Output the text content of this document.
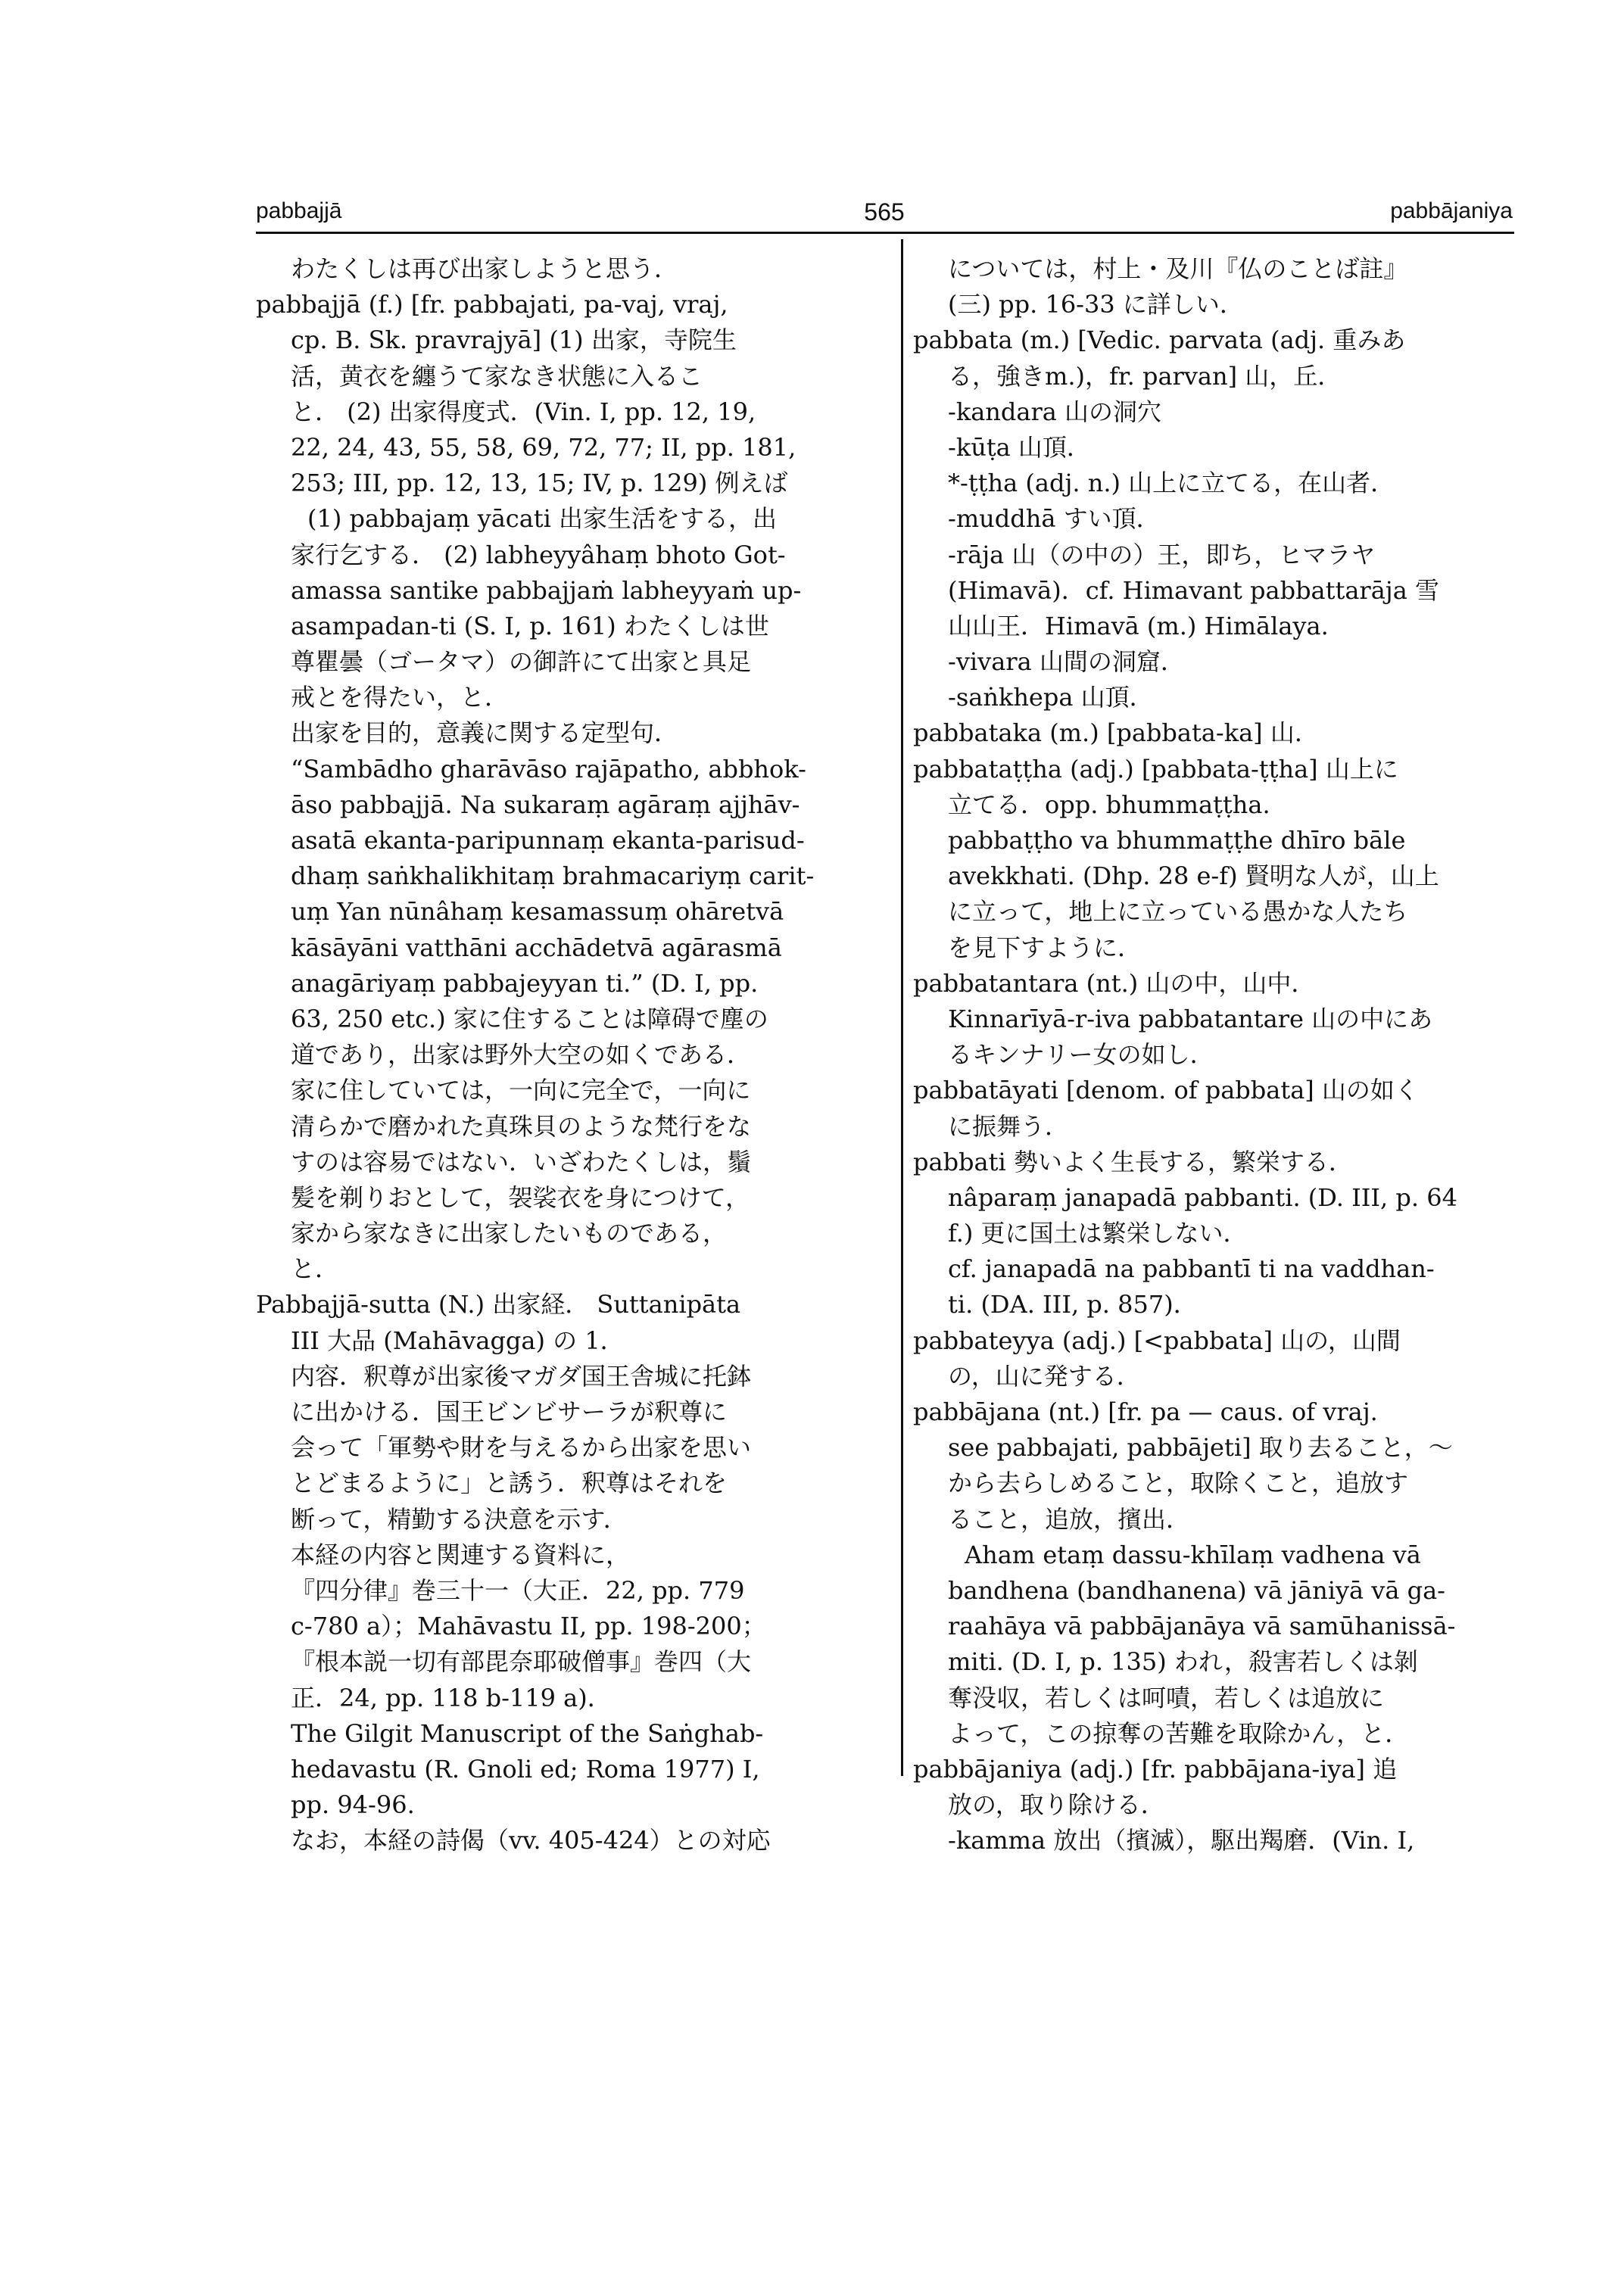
pabbajjā	565	pabbājaniya
わたくしは再び出家しようと思う．
pabbajjā (f.) [fr. pabbajati, pa-vaj, vraj,
cp. B. Sk. pravrajyā] (1) 出家，寺院生
活，黄衣を纏うて家なき状態に入るこ
と． (2) 出家得度式．(Vin. I, pp. 12, 19,
22, 24, 43, 55, 58, 69, 72, 77; II, pp. 181,
253; III, pp. 12, 13, 15; IV, p. 129) 例えば
(1) pabbajaṃ yācati 出家生活をする，出
家行乞する． (2) labheyyâhaṃ bhoto Got-
amassa santike pabbajjaṁ labheyyaṁ up-
asampadan-ti (S. I, p. 161) わたくしは世
尊瞿曇（ゴータマ）の御許にて出家と具足
戒とを得たい，と．
出家を目的，意義に関する定型句．
“Sambādho gharāvāso rajāpatho, abbhok-
āso pabbajjā. Na sukaraṃ agāraṃ ajjhāv-
asatā ekanta-paripunnaṃ ekanta-parisud-
dhaṃ saṅkhalikhitaṃ brahmacariyṃ carit-
uṃ Yan nūnâhaṃ kesamassuṃ ohāretvā
kāsāyāni vatthāni acchādetvā agārasmā
anagāriyaṃ pabbajeyyan ti.” (D. I, pp.
63, 250 etc.) 家に住することは障碍で塵の
道であり，出家は野外大空の如くである．
家に住していては，一向に完全で，一向に
清らかで磨かれた真珠貝のような梵行をな
すのは容易ではない．いざわたくしは，鬚
髪を剃りおとして，袈裟衣を身につけて，
家から家なきに出家したいものである，
と．
Pabbajjā-sutta (N.) 出家経． Suttanipāta
III 大品 (Mahāvagga) の 1．
内容．釈尊が出家後マガダ国王舎城に托鉢
に出かける．国王ビンビサーラが釈尊に
会って「軍勢や財を与えるから出家を思い
とどまるように」と誘う．釈尊はそれを
断って，精勤する決意を示す．
本経の内容と関連する資料に，
『四分律』巻三十一（大正．22, pp. 779
c-780 a）；Mahāvastu II, pp. 198-200；
『根本説一切有部毘奈耶破僧事』巻四（大
正．24, pp. 118 b-119 a)．
The Gilgit Manuscript of the Saṅghab-
hedavastu (R. Gnoli ed; Roma 1977) I,
pp. 94-96.
なお，本経の詩偈（vv. 405-424）との対応
については，村上・及川『仏のことば註』
(三) pp. 16-33 に詳しい．
pabbata (m.) [Vedic. parvata (adj. 重みあ
る，強きm.)，fr. parvan] 山，丘．
-kandara 山の洞穴
-kūṭa 山頂．
*-ṭṭha (adj. n.) 山上に立てる，在山者．
-muddhā すい頂．
-rāja 山（の中の）王，即ち，ヒマラヤ
(Himavā)．cf. Himavant pabbattarāja 雪
山山王．Himavā (m.) Himālaya.
-vivara 山間の洞窟．
-saṅkhepa 山頂．
pabbataka (m.) [pabbata-ka] 山．
pabbataṭṭha (adj.) [pabbata-ṭṭha] 山上に
立てる．opp. bhummaṭṭha.
pabbaṭṭho va bhummaṭṭhe dhīro bāle
avekkhati. (Dhp. 28 e-f) 賢明な人が，山上
に立って，地上に立っている愚かな人たち
を見下すように．
pabbatantara (nt.) 山の中，山中．
Kinnarīyā-r-iva pabbatantare 山の中にあ
るキンナリー女の如し．
pabbatāyati [denom. of pabbata] 山の如く
に振舞う．
pabbati 勢いよく生長する，繁栄する．
nâparaṃ janapadā pabbanti. (D. III, p. 64
f.) 更に国土は繁栄しない．
cf. janapadā na pabbantī ti na vaddhan-
ti. (DA. III, p. 857)．
pabbateyya (adj.) [<pabbata] 山の，山間
の，山に発する．
pabbājana (nt.) [fr. pa — caus. of vraj.
see pabbajati, pabbājeti] 取り去ること，～
から去らしめること，取除くこと，追放す
ること，追放，擯出．
Aham etaṃ dassu-khīlaṃ vadhena vā
bandhena (bandhanena) vā jāniyā vā ga-
raahāya vā pabbājanāya vā samūhanissā-
miti. (D. I, p. 135) われ，殺害若しくは剝
奪没収，若しくは呵嘖，若しくは追放に
よって，この掠奪の苦難を取除かん，と．
pabbājaniya (adj.) [fr. pabbājana-iya] 追
放の，取り除ける．
-kamma 放出（擯滅），駆出羯磨．(Vin. I,
